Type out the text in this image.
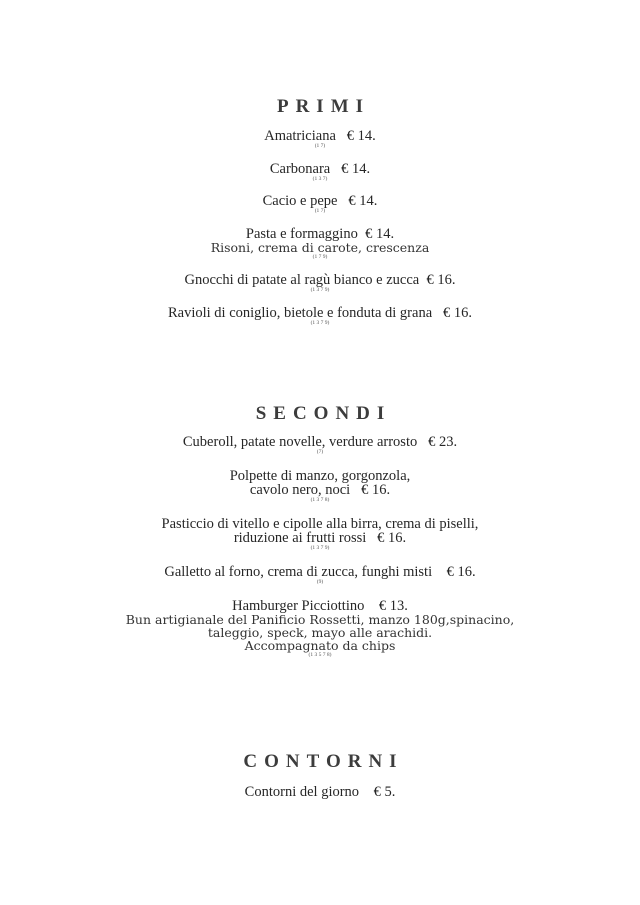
PRIMI
Amatriciana € 14.
(1 7)
Carbonara € 14.
(1 3 7)
Cacio e pepe € 14.
(1 7)
Pasta e formaggino € 14.
Risoni, crema di carote, crescenza
(1 7 9)
Gnocchi di patate al ragù bianco e zucca € 16.
(1 3 7 9)
Ravioli di coniglio, bietole e fonduta di grana € 16.
(1 3 7 9)
SECONDI
Cuberoll, patate novelle, verdure arrosto € 23.
(7)
Polpette di manzo, gorgonzola,
cavolo nero, noci € 16.
(1 3 7 8)
Pasticcio di vitello e cipolle alla birra, crema di piselli,
riduzione ai frutti rossi € 16.
(1 3 7 9)
Galletto al forno, crema di zucca, funghi misti € 16.
(9)
Hamburger Picciottino € 13.
Bun artigianale del Panificio Rossetti, manzo 180g,spinacino,
taleggio, speck, mayo alle arachidi.
Accompagnato da chips
(1 3 5 7 8)
CONTORNI
Contorni del giorno € 5.
